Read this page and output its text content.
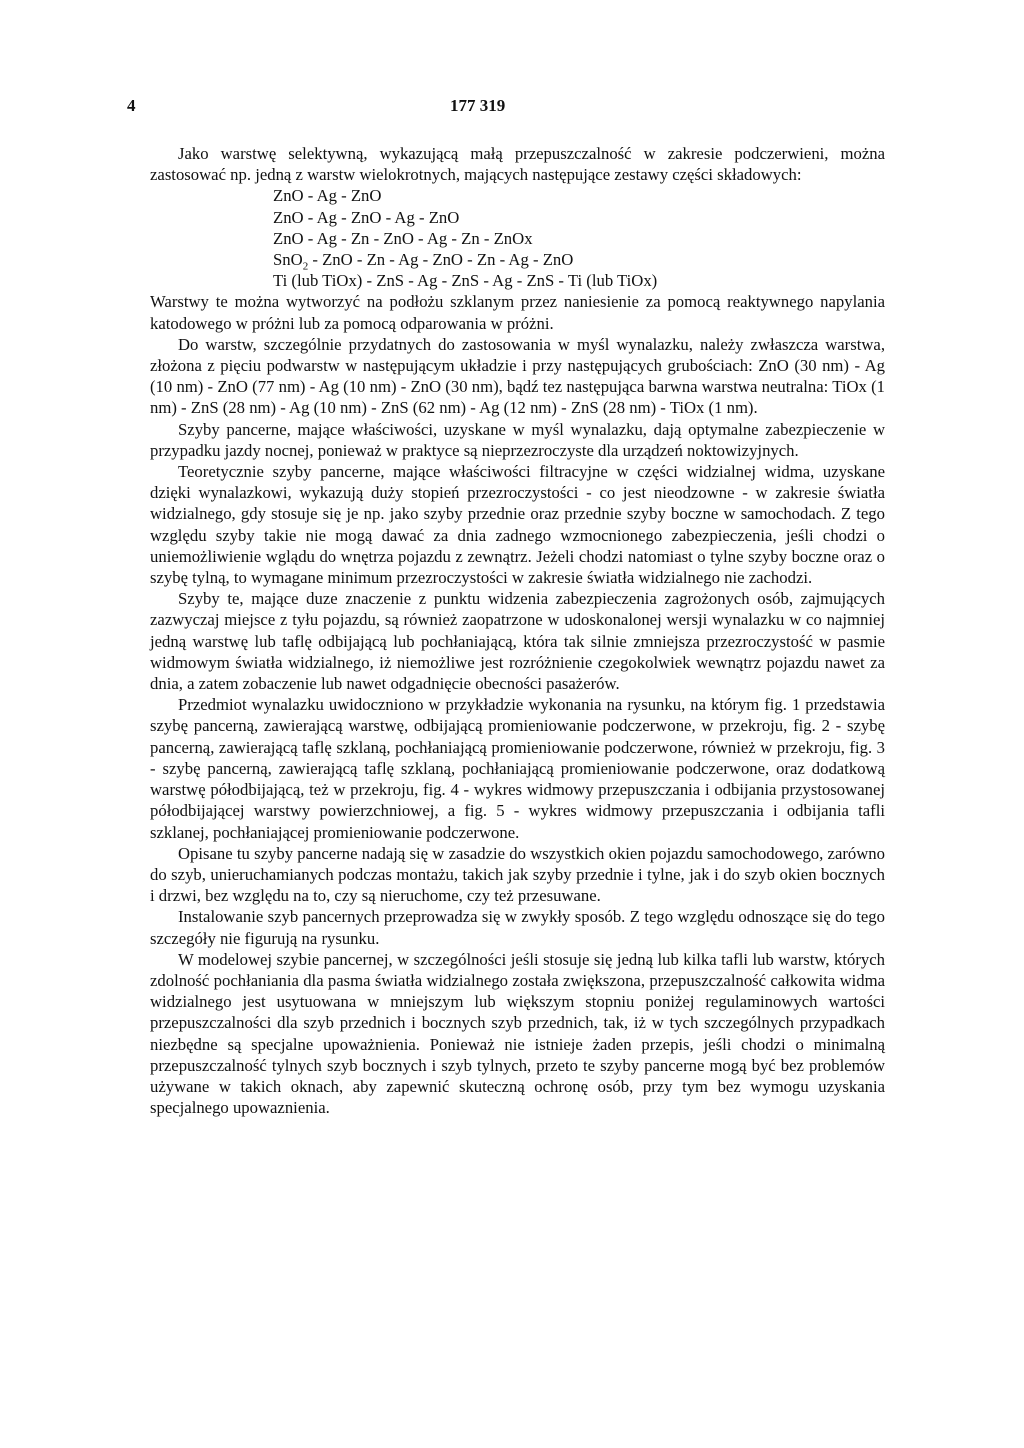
4	177 319

Jako warstwę selektywną, wykazującą małą przepuszczalność w zakresie podczerwieni, można zastosować np. jedną z warstw wielokrotnych, mających następujące zestawy części składowych:

ZnO - Ag - ZnO
ZnO - Ag - ZnO - Ag - ZnO
ZnO - Ag - Zn - ZnO - Ag - Zn - ZnOx
SnO$_2$ - ZnO - Zn - Ag - ZnO - Zn - Ag - ZnO
Ti (lub TiOx) - ZnS - Ag - ZnS - Ag - ZnS - Ti (lub TiOx)

Warstwy te można wytworzyć na podłożu szklanym przez naniesienie za pomocą reaktywnego napylania katodowego w próżni lub za pomocą odparowania w próżni.

Do warstw, szczególnie przydatnych do zastosowania w myśl wynalazku, należy zwłaszcza warstwa, złożona z pięciu podwarstw w następującym układzie i przy następujących grubościach: ZnO (30 nm) - Ag (10 nm) - ZnO (77 nm) - Ag (10 nm) - ZnO (30 nm), bądź tez następująca barwna warstwa neutralna: TiOx (1 nm) - ZnS (28 nm) - Ag (10 nm) - ZnS (62 nm) - Ag (12 nm) - ZnS (28 nm) - TiOx (1 nm).

Szyby pancerne, mające właściwości, uzyskane w myśl wynalazku, dają optymalne zabezpieczenie w przypadku jazdy nocnej, ponieważ w praktyce są nieprzezroczyste dla urządzeń noktowizyjnych.

Teoretycznie szyby pancerne, mające właściwości filtracyjne w części widzialnej widma, uzyskane dzięki wynalazkowi, wykazują duży stopień przezroczystości - co jest nieodzowne - w zakresie światła widzialnego, gdy stosuje się je np. jako szyby przednie oraz przednie szyby boczne w samochodach. Z tego względu szyby takie nie mogą dawać za dnia zadnego wzmocnionego zabezpieczenia, jeśli chodzi o uniemożliwienie wglądu do wnętrza pojazdu z zewnątrz. Jeżeli chodzi natomiast o tylne szyby boczne oraz o szybę tylną, to wymagane minimum przezroczystości w zakresie światła widzialnego nie zachodzi.

Szyby te, mające duze znaczenie z punktu widzenia zabezpieczenia zagrożonych osób, zajmujących zazwyczaj miejsce z tyłu pojazdu, są również zaopatrzone w udoskonalonej wersji wynalazku w co najmniej jedną warstwę lub taflę odbijającą lub pochłaniającą, która tak silnie zmniejsza przezroczystość w pasmie widmowym światła widzialnego, iż niemożliwe jest rozróżnienie czegokolwiek wewnątrz pojazdu nawet za dnia, a zatem zobaczenie lub nawet odgadnięcie obecności pasażerów.

Przedmiot wynalazku uwidoczniono w przykładzie wykonania na rysunku, na którym fig. 1 przedstawia szybę pancerną, zawierającą warstwę, odbijającą promieniowanie podczerwone, w przekroju, fig. 2 - szybę pancerną, zawierającą taflę szklaną, pochłaniającą promieniowanie podczerwone, również w przekroju, fig. 3 - szybę pancerną, zawierającą taflę szklaną, pochłaniającą promieniowanie podczerwone, oraz dodatkową warstwę półodbijającą, też w przekroju, fig. 4 - wykres widmowy przepuszczania i odbijania przystosowanej półodbijającej warstwy powierzchniowej, a fig. 5 - wykres widmowy przepuszczania i odbijania tafli szklanej, pochłaniającej promieniowanie podczerwone.

Opisane tu szyby pancerne nadają się w zasadzie do wszystkich okien pojazdu samochodowego, zarówno do szyb, unieruchamianych podczas montażu, takich jak szyby przednie i tylne, jak i do szyb okien bocznych i drzwi, bez względu na to, czy są nieruchome, czy też przesuwane.

Instalowanie szyb pancernych przeprowadza się w zwykły sposób. Z tego względu odnoszące się do tego szczegóły nie figurują na rysunku.

W modelowej szybie pancernej, w szczególności jeśli stosuje się jedną lub kilka tafli lub warstw, których zdolność pochłaniania dla pasma światła widzialnego została zwiększona, przepuszczalność całkowita widma widzialnego jest usytuowana w mniejszym lub większym stopniu poniżej regulaminowych wartości przepuszczalności dla szyb przednich i bocznych szyb przednich, tak, iż w tych szczególnych przypadkach niezbędne są specjalne upoważnienia. Ponieważ nie istnieje żaden przepis, jeśli chodzi o minimalną przepuszczalność tylnych szyb bocznych i szyb tylnych, przeto te szyby pancerne mogą być bez problemów używane w takich oknach, aby zapewnić skuteczną ochronę osób, przy tym bez wymogu uzyskania specjalnego upowaznienia.
